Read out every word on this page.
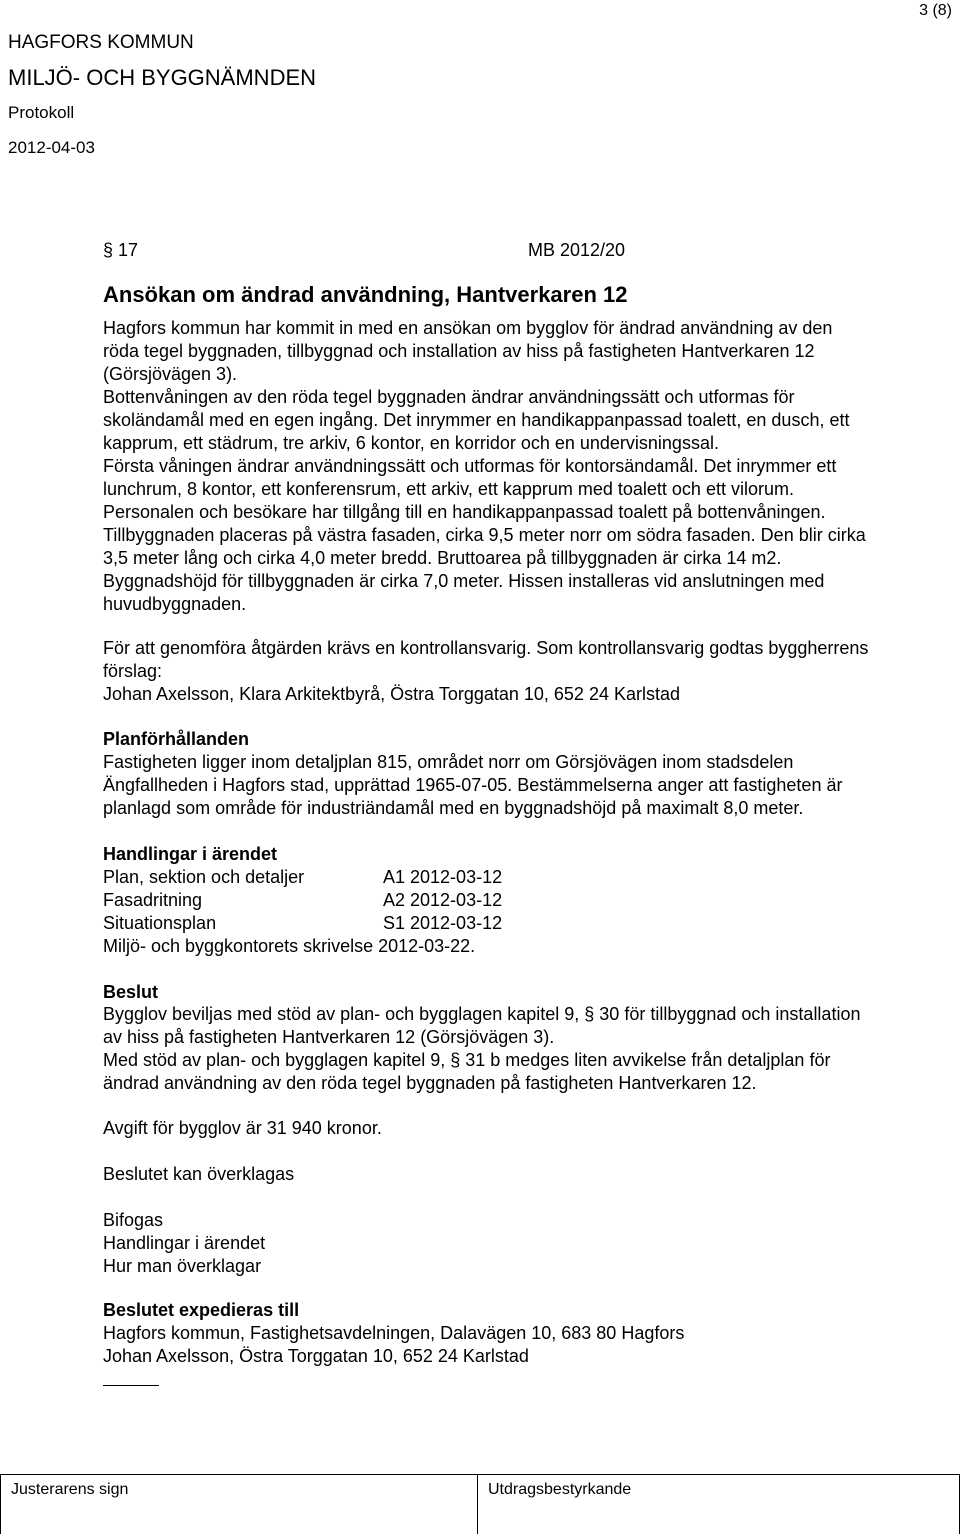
3 (8)
HAGFORS KOMMUN
MILJÖ- OCH BYGGNÄMNDEN
Protokoll
2012-04-03
§ 17	MB 2012/20
Ansökan om ändrad användning, Hantverkaren 12
Hagfors kommun har kommit in med en ansökan om bygglov för ändrad användning av den
röda tegel byggnaden, tillbyggnad och installation av hiss på fastigheten Hantverkaren 12
(Görsjövägen 3).
Bottenvåningen av den röda tegel byggnaden ändrar användningssätt och utformas för
skoländamål med en egen ingång. Det inrymmer en handikappanpassad toalett, en dusch, ett
kapprum, ett städrum, tre arkiv, 6 kontor, en korridor och en undervisningssal.
Första våningen ändrar användningssätt och utformas för kontorsändamål. Det inrymmer ett
lunchrum, 8 kontor, ett konferensrum, ett arkiv, ett kapprum med toalett och ett vilorum.
Personalen och besökare har tillgång till en handikappanpassad toalett på bottenvåningen.
Tillbyggnaden placeras på västra fasaden, cirka 9,5 meter norr om södra fasaden. Den blir cirka
3,5 meter lång och cirka 4,0 meter bredd. Bruttoarea på tillbyggnaden är cirka 14 m2.
Byggnadshöjd för tillbyggnaden är cirka 7,0 meter. Hissen installeras vid anslutningen med
huvudbyggnaden.
För att genomföra åtgärden krävs en kontrollansvarig. Som kontrollansvarig godtas byggherrens
förslag:
Johan Axelsson, Klara Arkitektbyrå, Östra Torggatan 10, 652 24 Karlstad
Planförhållanden
Fastigheten ligger inom detaljplan 815, området norr om Görsjövägen inom stadsdelen
Ängfallheden i Hagfors stad, upprättad 1965-07-05. Bestämmelserna anger att fastigheten är
planlagd som område för industriändamål med en byggnadshöjd på maximalt 8,0 meter.
Handlingar i ärendet
Plan, sektion och detaljer	A1 2012-03-12
Fasadritning	A2 2012-03-12
Situationsplan	S1 2012-03-12
Miljö- och byggkontorets skrivelse 2012-03-22.
Beslut
Bygglov beviljas med stöd av plan- och bygglagen kapitel 9, § 30 för tillbyggnad och installation
av hiss på fastigheten Hantverkaren 12 (Görsjövägen 3).
Med stöd av plan- och bygglagen kapitel 9, § 31 b medges liten avvikelse från detaljplan för
ändrad användning av den röda tegel byggnaden på fastigheten Hantverkaren 12.
Avgift för bygglov är 31 940 kronor.
Beslutet kan överklagas
Bifogas
Handlingar i ärendet
Hur man överklagar
Beslutet expedieras till
Hagfors kommun, Fastighetsavdelningen, Dalavägen 10, 683 80 Hagfors
Johan Axelsson, Östra Torggatan 10, 652 24 Karlstad
Justerarens sign	Utdragsbestyrkande
